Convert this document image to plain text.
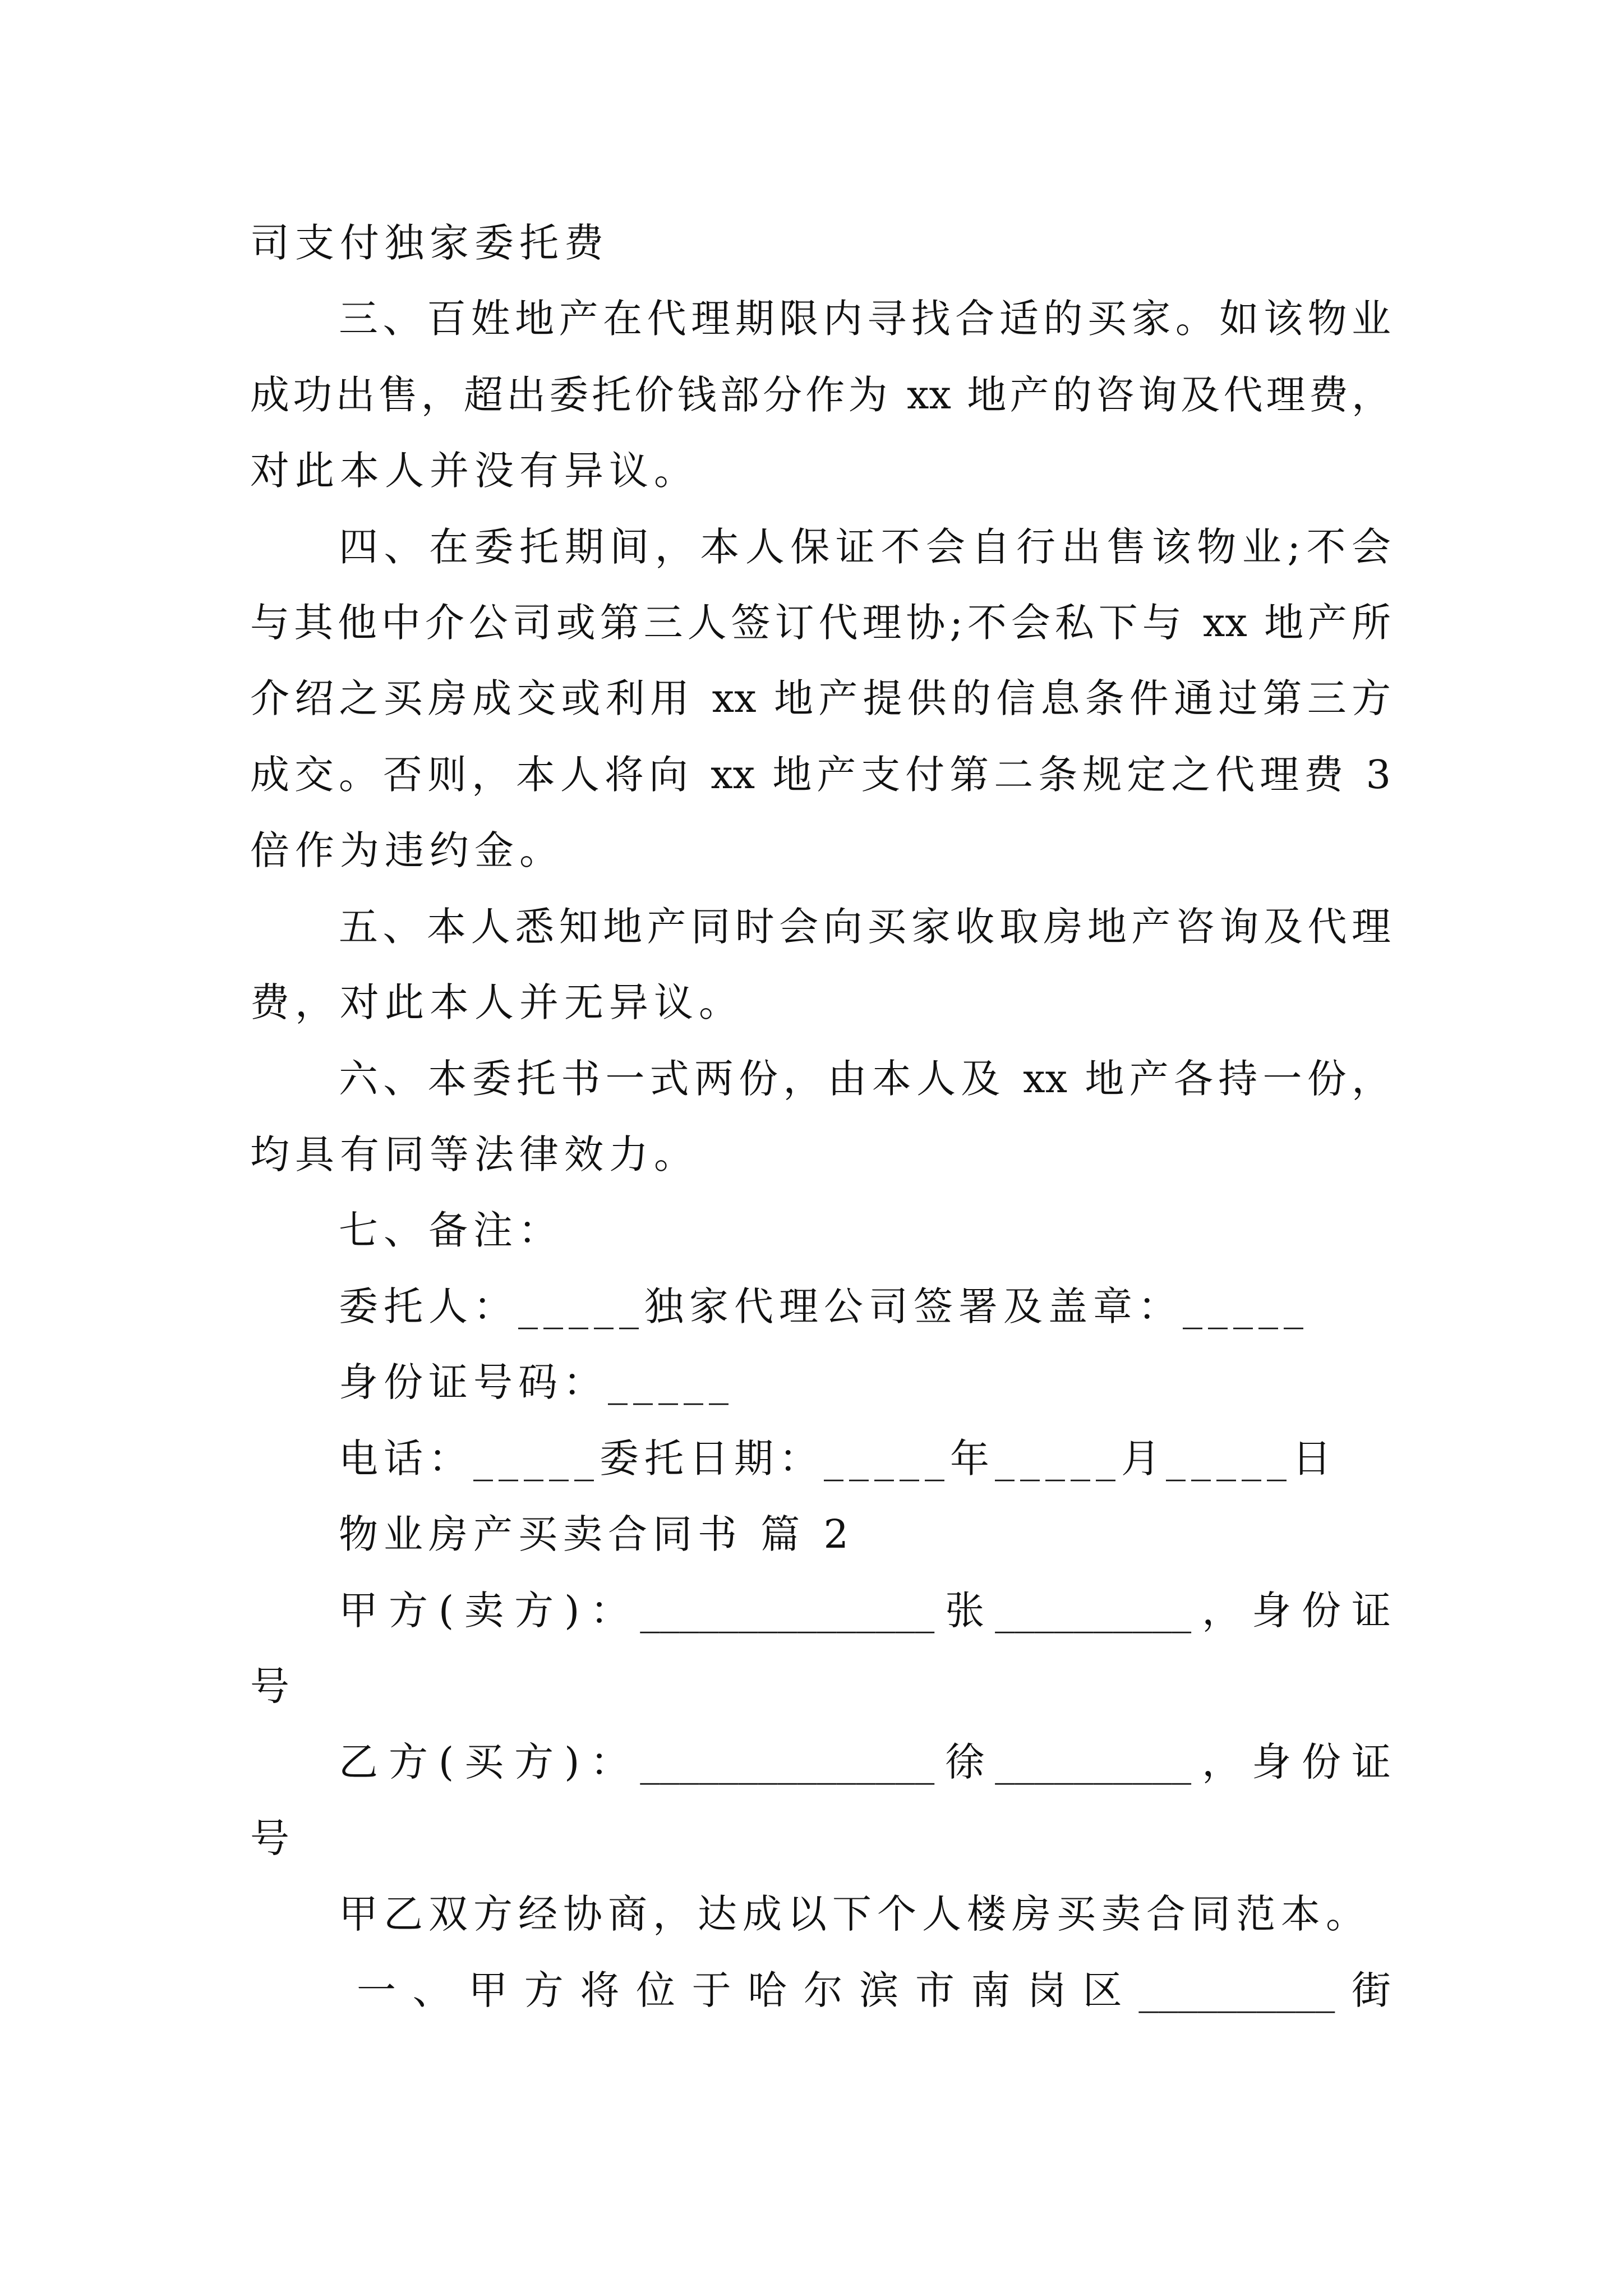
司支付独家委托费
三、百姓地产在代理期限内寻找合适的买家。如该物业
成功出售，超出委托价钱部分作为 xx 地产的咨询及代理费，
对此本人并没有异议。
四、在委托期间，本人保证不会自行出售该物业;不会
与其他中介公司或第三人签订代理协;不会私下与 xx 地产所
介绍之买房成交或利用 xx 地产提供的信息条件通过第三方
成交。否则，本人将向 xx 地产支付第二条规定之代理费 3
倍作为违约金。
五、本人悉知地产同时会向买家收取房地产咨询及代理
费，对此本人并无异议。
六、本委托书一式两份，由本人及 xx 地产各持一份，
均具有同等法律效力。
七、备注：
委托人：_____独家代理公司签署及盖章：_____
身份证号码：_____
电话：_____委托日期：_____年_____月_____日
物业房产买卖合同书 篇 2
甲方(卖方)：_______________张__________，身份证
号
乙方(买方)：_______________徐__________，身份证
号
甲乙双方经协商，达成以下个人楼房买卖合同范本。
一、甲方将位于哈尔滨市南岗区__________街
